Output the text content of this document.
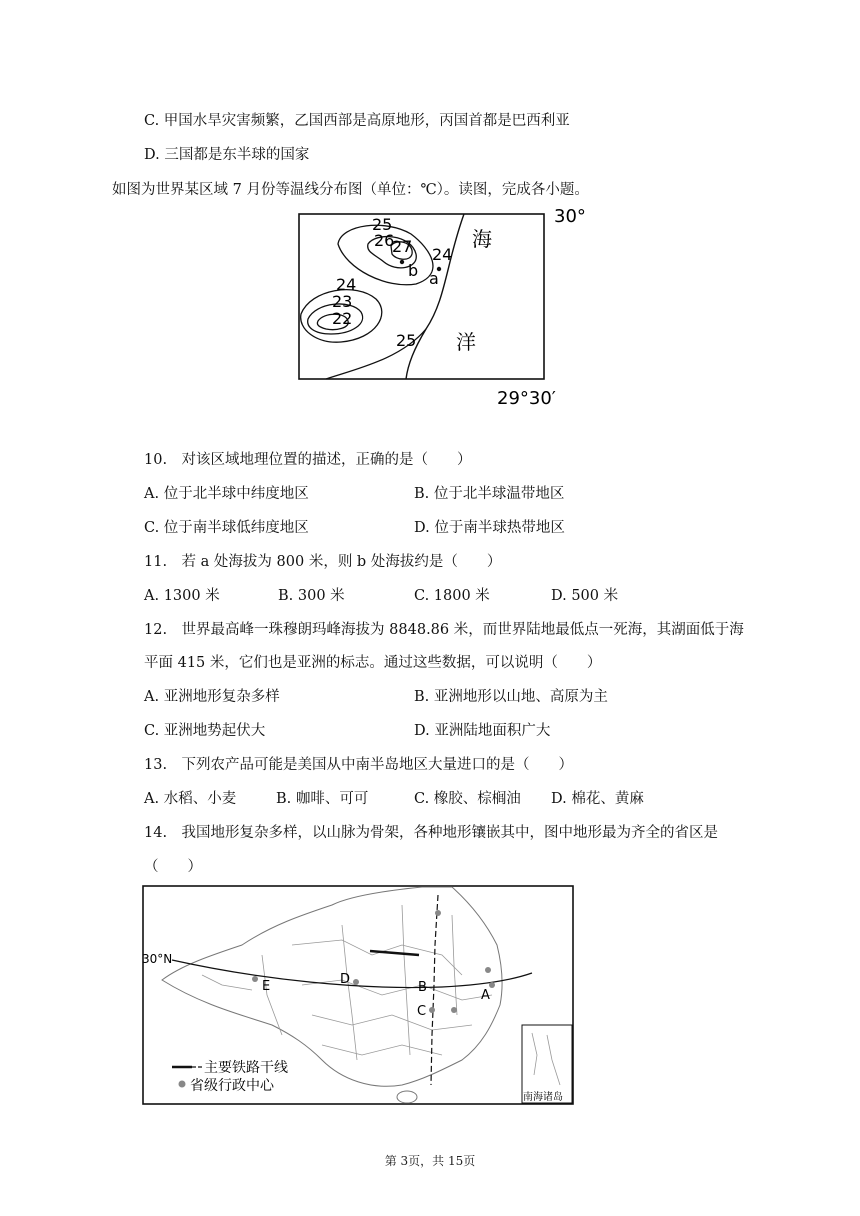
C. 甲国水旱灾害频繁，乙国西部是高原地形，丙国首都是巴西利亚
D. 三国都是东半球的国家
如图为世界某区域 7 月份等温线分布图（单位：℃）。读图，完成各小题。
30°
29°30′
25
26
27 24
24
23
22
25
a
b
海
洋
10.　对该区域地理位置的描述，正确的是（　　）
A. 位于北半球中纬度地区	B. 位于北半球温带地区
C. 位于南半球低纬度地区	D. 位于南半球热带地区
11.　若 a 处海拔为 800 米，则 b 处海拔约是（　　）
A. 1300 米	B. 300 米	C. 1800 米	D. 500 米
12.　世界最高峰一珠穆朗玛峰海拔为 8848.86 米，而世界陆地最低点一死海，其湖面低于海
平面 415 米，它们也是亚洲的标志。通过这些数据，可以说明（　　）
A. 亚洲地形复杂多样	B. 亚洲地形以山地、高原为主
C. 亚洲地势起伏大	D. 亚洲陆地面积广大
13.　下列农产品可能是美国从中南半岛地区大量进口的是（　　）
A. 水稻、小麦	B. 咖啡、可可	C. 橡胶、棕榈油 D. 棉花、黄麻
14.　我国地形复杂多样，以山脉为骨架，各种地形镶嵌其中，图中地形最为齐全的省区是
（　　）
30°N
A
B
C
D
E
南海诸岛
主要铁路干线
省级行政中心
第 3页，共 15页
